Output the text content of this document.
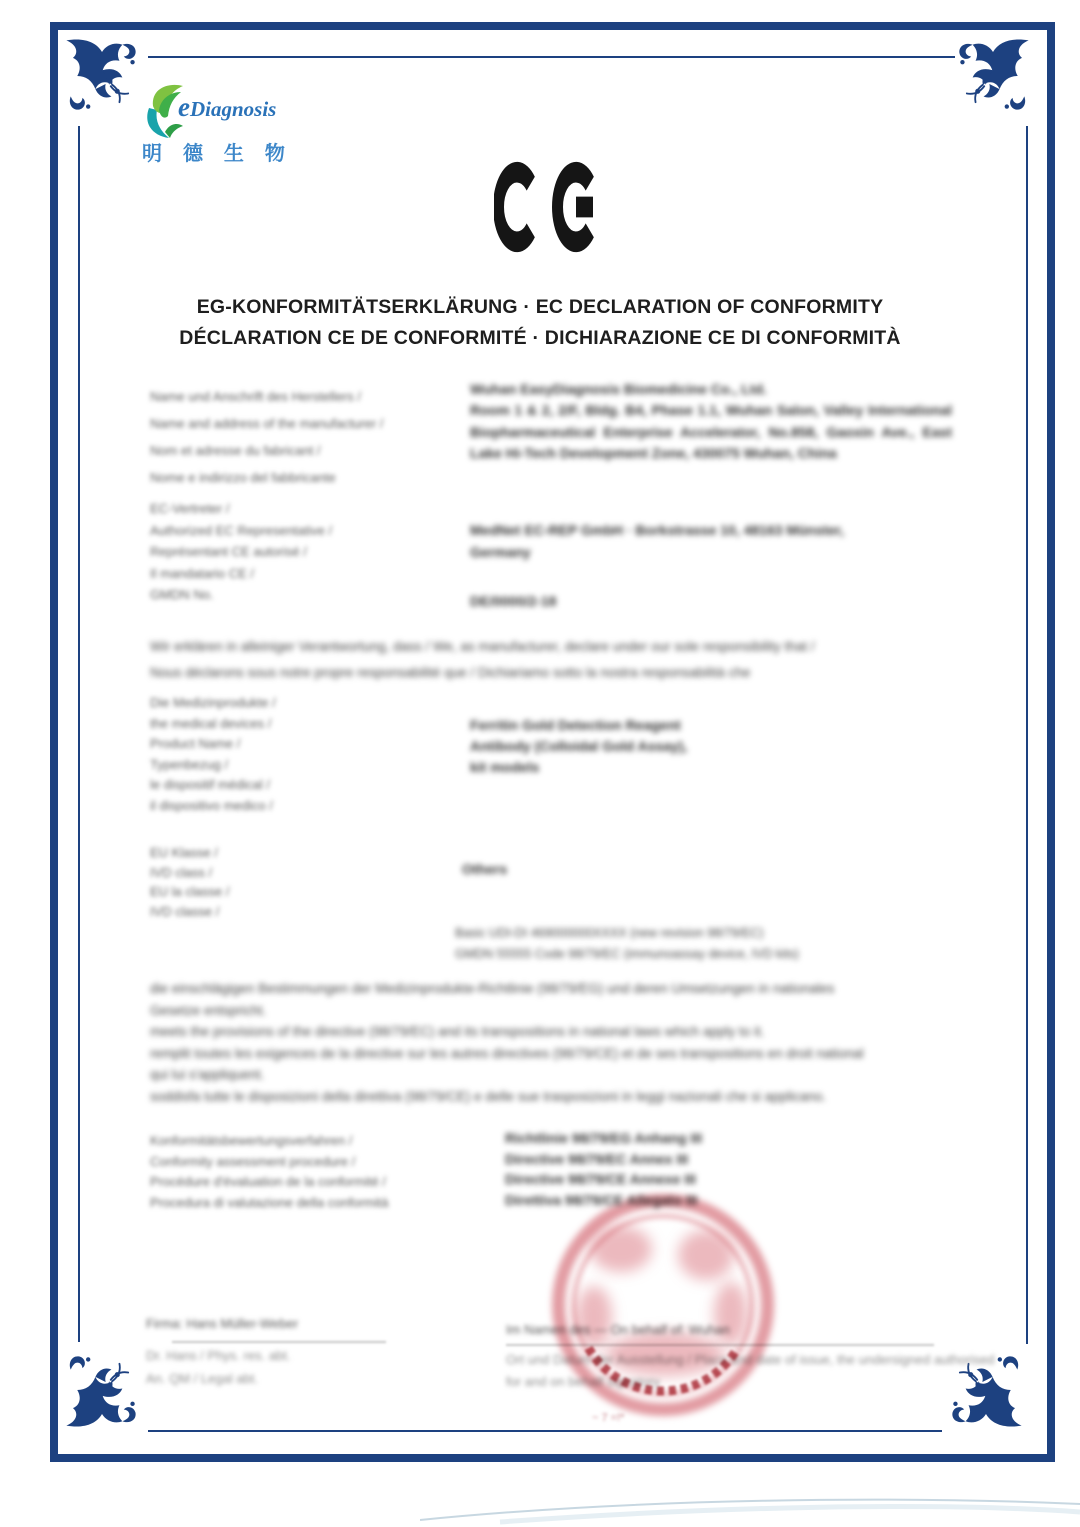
eDiagnosis
明 德 生 物
EG-KONFORMITÄTSERKLÄRUNG · EC DECLARATION OF CONFORMITY
DÉCLARATION CE DE CONFORMITÉ · DICHIARAZIONE CE DI CONFORMITÀ
Name und Anschrift des Herstellers /
Name and address of the manufacturer /
Nom et adresse du fabricant /
Nome e indirizzo del fabbricante
Wuhan EasyDiagnosis Biomedicine Co., Ltd.
Room 1 & 2, 2/F, Bldg. B4, Phase 1.1, Wuhan Salon, Valley International Biopharmaceutical Enterprise Accelerator, No.858, Gaoxin Ave., East Lake Hi-Tech Development Zone, 430075 Wuhan, China
EC-Vertreter /
Authorized EC Representative /
Représentant CE autorisé /
Il mandatario CE /
GMDN No.
MedNet EC-REP GmbH · Borkstrasse 10, 48163 Münster,
Germany
DE/0000/2-18
Wir erklären in alleiniger Verantwortung, dass / We, as manufacturer, declare under our sole responsibility that /
Nous déclarons sous notre propre responsabilité que / Dichiariamo sotto la nostra responsabilità che
Die Medizinprodukte /
the medical devices /
Product Name /
Typenbezug /
le dispositif médical /
il dispositivo medico /
Ferritin Gold Detection Reagent
Antibody (Colloidal Gold Assay),
kit models
EU Klasse /
IVD class /
EU la classe /
IVD classe /
Others
Basic UDI-DI 469000000XXXX (new revision 98/79/EC)
GMDN 55555 Code 98/79/EC (immunoassay device, IVD kits)
die einschlägigen Bestimmungen der Medizinprodukte-Richtlinie (98/79/EG) und deren Umsetzungen in nationales
Gesetze entspricht.
meets the provisions of the directive (98/79/EC) and its transpositions in national laws which apply to it.
remplit toutes les exigences de la directive sur les autres directives (98/79/CE) et de ses transpositions en droit national
qui lui s'appliquent.
soddisfa tutte le disposizioni della direttiva (98/79/CE) e delle sue trasposizioni in leggi nazionali che si applicano.
Konformitätsbewertungsverfahren /
Conformity assessment procedure /
Procédure d'évaluation de la conformité /
Procedura di valutazione della conformità
Richtlinie 98/79/EG Anhang III
Directive 98/79/EC Annex III
Directive 98/79/CE Annexe III
Direttiva 98/79/CE Allegato III
Firma: Hans Müller-Weber
Dr. Hans / Phys. res. abt.
An. QM / Legal abt.
Im Namen des — On behalf of: Wuhan
Ort und Datum der Ausstellung / Place and date of issue, the undersigned authorised
for and on behalf signatory
~ 7 =!*
